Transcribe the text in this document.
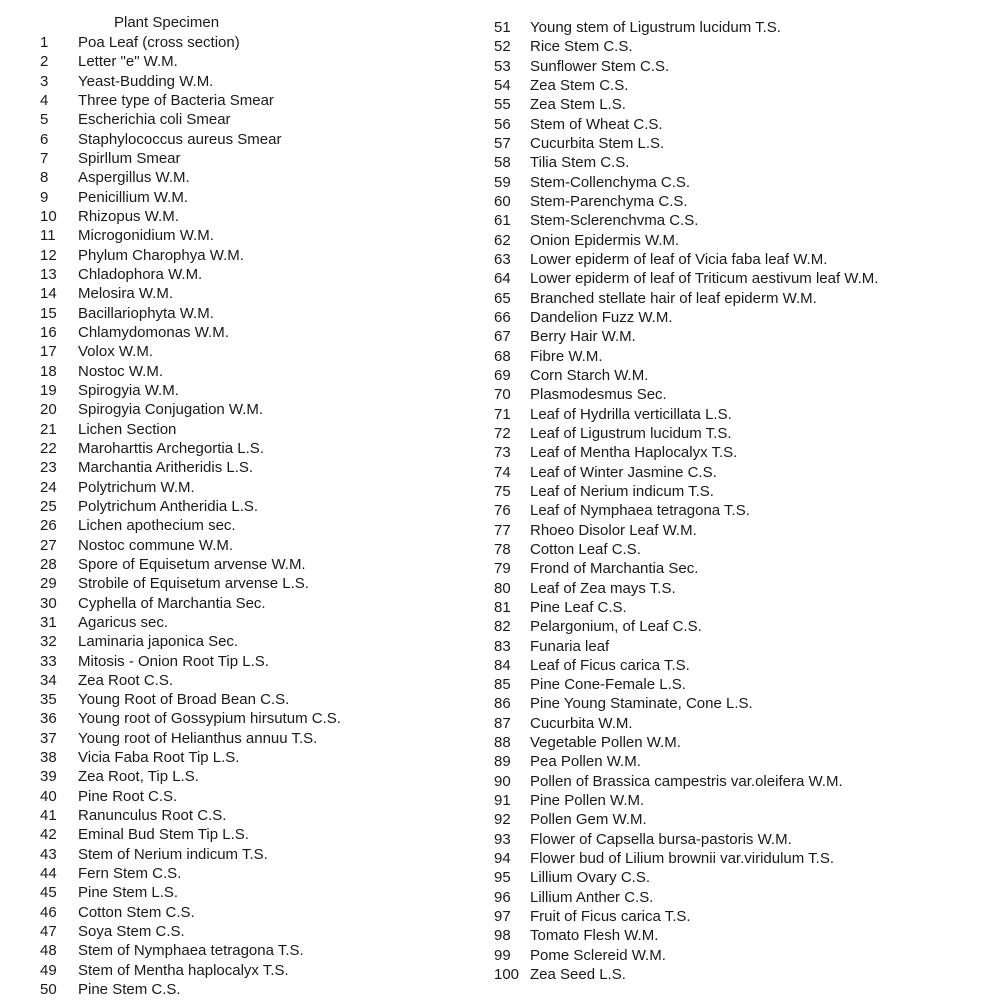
Plant Specimen
1 Poa Leaf (cross section)
2 Letter "e" W.M.
3 Yeast-Budding W.M.
4 Three type of Bacteria Smear
5 Escherichia coli Smear
6 Staphylococcus aureus Smear
7 Spirllum Smear
8 Aspergillus W.M.
9 Penicillium W.M.
10 Rhizopus W.M.
11 Microgonidium W.M.
12 Phylum Charophya W.M.
13 Chladophora W.M.
14 Melosira W.M.
15 Bacillariophyta W.M.
16 Chlamydomonas W.M.
17 Volox W.M.
18 Nostoc W.M.
19 Spirogyia W.M.
20 Spirogyia Conjugation W.M.
21 Lichen Section
22 Maroharttis Archegortia L.S.
23 Marchantia Aritheridis L.S.
24 Polytrichum W.M.
25 Polytrichum Antheridia L.S.
26 Lichen apothecium sec.
27 Nostoc commune W.M.
28 Spore of Equisetum arvense W.M.
29 Strobile of Equisetum arvense L.S.
30 Cyphella of Marchantia Sec.
31 Agaricus sec.
32 Laminaria japonica Sec.
33 Mitosis - Onion Root Tip L.S.
34 Zea Root C.S.
35 Young Root of Broad Bean C.S.
36 Young root of Gossypium hirsutum C.S.
37 Young root of Helianthus annuu T.S.
38 Vicia Faba Root Tip L.S.
39 Zea Root, Tip L.S.
40 Pine Root C.S.
41 Ranunculus Root C.S.
42 Eminal Bud Stem Tip L.S.
43 Stem of Nerium indicum T.S.
44 Fern Stem C.S.
45 Pine Stem L.S.
46 Cotton Stem C.S.
47 Soya Stem C.S.
48 Stem of Nymphaea tetragona T.S.
49 Stem of Mentha haplocalyx T.S.
50 Pine Stem C.S.
51 Young stem of Ligustrum lucidum T.S.
52 Rice Stem C.S.
53 Sunflower Stem C.S.
54 Zea Stem C.S.
55 Zea Stem L.S.
56 Stem of Wheat C.S.
57 Cucurbita Stem L.S.
58 Tilia Stem C.S.
59 Stem-Collenchyma C.S.
60 Stem-Parenchyma C.S.
61 Stem-Sclerenchvma C.S.
62 Onion Epidermis W.M.
63 Lower epiderm of leaf of Vicia faba leaf W.M.
64 Lower epiderm of leaf of Triticum aestivum leaf W.M.
65 Branched stellate hair of leaf epiderm W.M.
66 Dandelion Fuzz W.M.
67 Berry Hair W.M.
68 Fibre W.M.
69 Corn Starch W.M.
70 Plasmodesmus Sec.
71 Leaf of Hydrilla verticillata L.S.
72 Leaf of Ligustrum lucidum T.S.
73 Leaf of Mentha Haplocalyx T.S.
74 Leaf of Winter Jasmine C.S.
75 Leaf of Nerium indicum T.S.
76 Leaf of Nymphaea tetragona T.S.
77 Rhoeo Disolor Leaf W.M.
78 Cotton Leaf C.S.
79 Frond of Marchantia Sec.
80 Leaf of Zea mays T.S.
81 Pine Leaf C.S.
82 Pelargonium, of Leaf C.S.
83 Funaria leaf
84 Leaf of Ficus carica T.S.
85 Pine Cone-Female L.S.
86 Pine Young Staminate, Cone L.S.
87 Cucurbita W.M.
88 Vegetable Pollen W.M.
89 Pea Pollen W.M.
90 Pollen of Brassica campestris var.oleifera W.M.
91 Pine Pollen W.M.
92 Pollen Gem W.M.
93 Flower of Capsella bursa-pastoris W.M.
94 Flower bud of Lilium brownii var.viridulum T.S.
95 Lillium Ovary C.S.
96 Lillium Anther C.S.
97 Fruit of Ficus carica T.S.
98 Tomato Flesh W.M.
99 Pome Sclereid W.M.
100 Zea Seed L.S.
